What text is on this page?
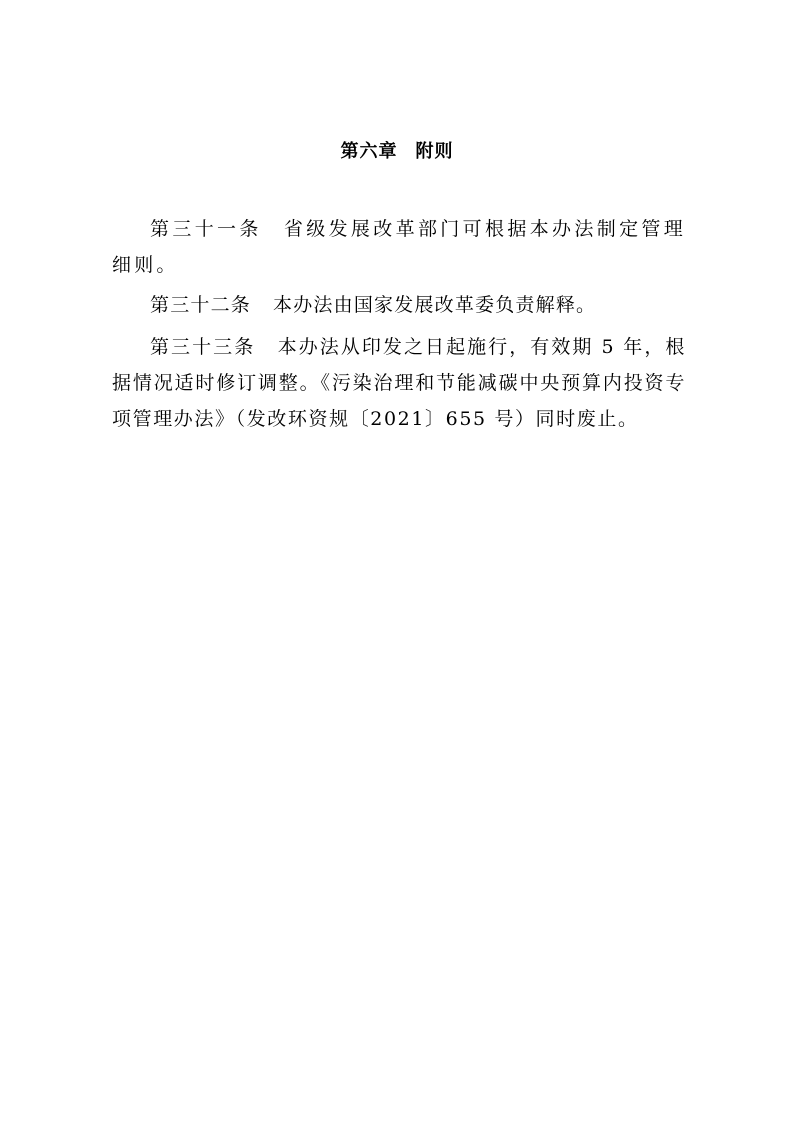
第六章 附则

第三十一条 省级发展改革部门可根据本办法制定管理细则。

第三十二条 本办法由国家发展改革委负责解释。

第三十三条 本办法从印发之日起施行，有效期 5 年，根据情况适时修订调整。《污染治理和节能减碳中央预算内投资专项管理办法》（发改环资规〔2021〕655 号）同时废止。
